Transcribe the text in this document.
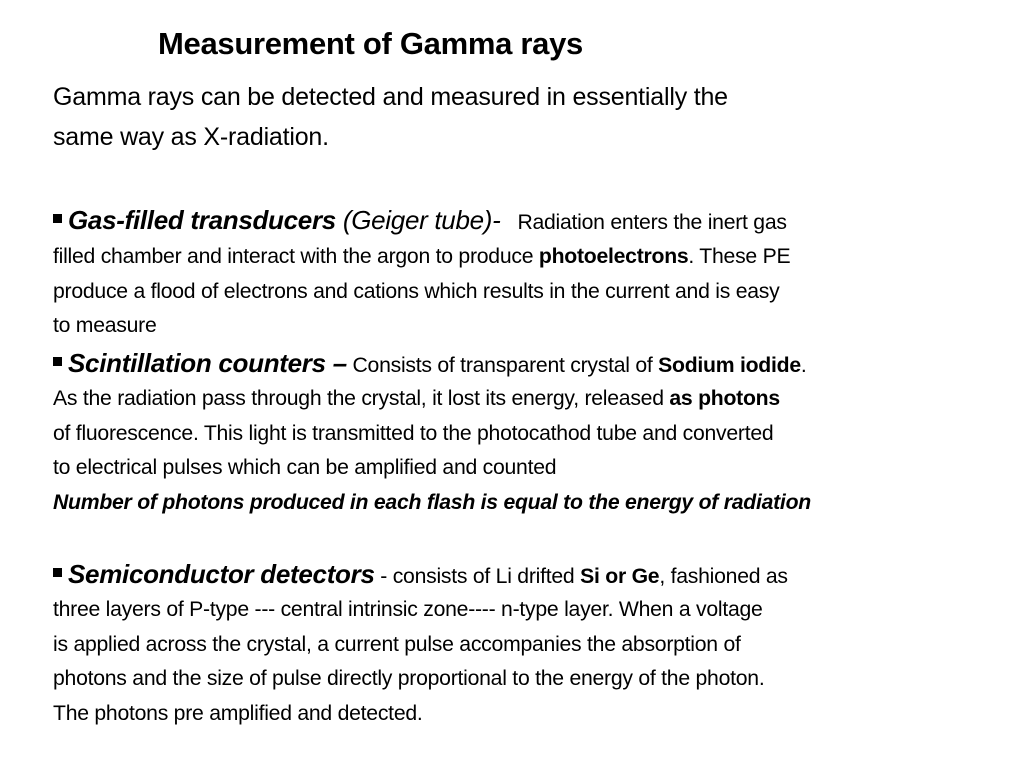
Measurement of Gamma rays
Gamma rays can be detected and measured in essentially the
same way as X-radiation.
Gas-filled transducers (Geiger tube)- Radiation enters the inert gas
filled chamber and interact with the argon to produce photoelectrons. These PE
produce a flood of electrons and cations which results in the current and is easy
to measure
Scintillation counters – Consists of transparent crystal of Sodium iodide.
As the radiation pass through the crystal, it lost its energy, released as photons
of fluorescence. This light is transmitted to the photocathod tube and converted
to electrical pulses which can be amplified and counted
Number of photons produced in each flash is equal to the energy of radiation
Semiconductor detectors - consists of Li drifted Si or Ge, fashioned as
three layers of P-type --- central intrinsic zone---- n-type layer. When a voltage
is applied across the crystal, a current pulse accompanies the absorption of
photons and the size of pulse directly proportional to the energy of the photon.
The photons pre amplified and detected.
